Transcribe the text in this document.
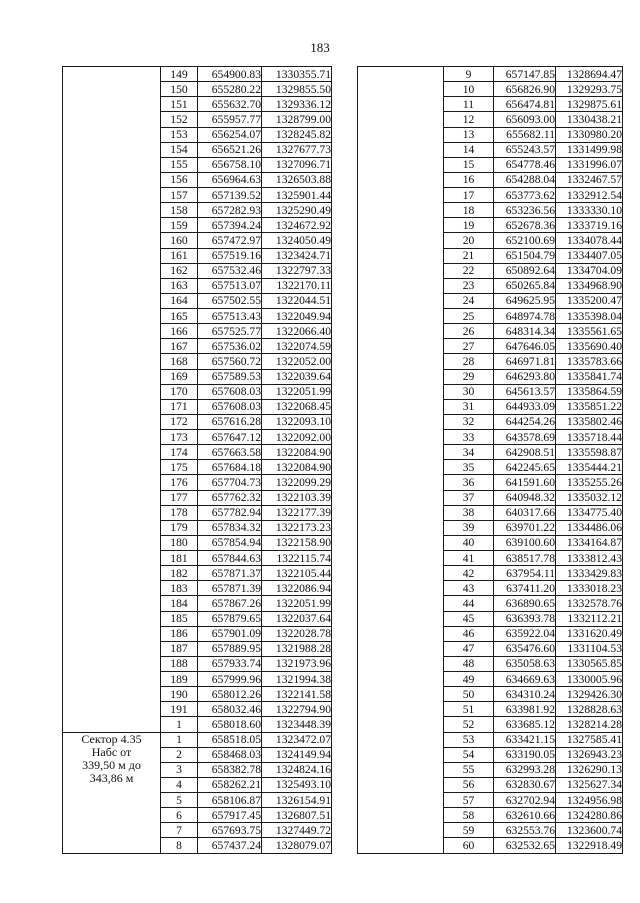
183
	149	654900.83	1330355.71
	150	655280.22	1329855.50
	151	655632.70	1329336.12
	152	655957.77	1328799.00
	153	656254.07	1328245.82
	154	656521.26	1327677.73
	155	656758.10	1327096.71
	156	656964.63	1326503.88
	157	657139.52	1325901.44
	158	657282.93	1325290.49
	159	657394.24	1324672.92
	160	657472.97	1324050.49
	161	657519.16	1323424.71
	162	657532.46	1322797.33
	163	657513.07	1322170.11
	164	657502.55	1322044.51
	165	657513.43	1322049.94
	166	657525.77	1322066.40
	167	657536.02	1322074.59
	168	657560.72	1322052.00
	169	657589.53	1322039.64
	170	657608.03	1322051.99
	171	657608.03	1322068.45
	172	657616.28	1322093.10
	173	657647.12	1322092.00
	174	657663.58	1322084.90
	175	657684.18	1322084.90
	176	657704.73	1322099.29
	177	657762.32	1322103.39
	178	657782.94	1322177.39
	179	657834.32	1322173.23
	180	657854.94	1322158.90
	181	657844.63	1322115.74
	182	657871.37	1322105.44
	183	657871.39	1322086.94
	184	657867.26	1322051.99
	185	657879.65	1322037.64
	186	657901.09	1322028.78
	187	657889.95	1321988.28
	188	657933.74	1321973.96
	189	657999.96	1321994.38
	190	658012.26	1322141.58
	191	658032.46	1322794.90
	1	658018.60	1323448.39

Сектор 4.35
Набс от
339,50 м до
343,86 м	1	658518.05	1323472.07
	2	658468.03	1324149.94
	3	658382.78	1324824.16
	4	658262.21	1325493.10
	5	658106.87	1326154.91
	6	657917.45	1326807.51
	7	657693.75	1327449.72
	8	657437.24	1328079.07
	9	657147.85	1328694.47
	10	656826.90	1329293.75
	11	656474.81	1329875.61
	12	656093.00	1330438.21
	13	655682.11	1330980.20
	14	655243.57	1331499.98
	15	654778.46	1331996.07
	16	654288.04	1332467.57
	17	653773.62	1332912.54
	18	653236.56	1333330.10
	19	652678.36	1333719.16
	20	652100.69	1334078.44
	21	651504.79	1334407.05
	22	650892.64	1334704.09
	23	650265.84	1334968.90
	24	649625.95	1335200.47
	25	648974.78	1335398.04
	26	648314.34	1335561.65
	27	647646.05	1335690.40
	28	646971.81	1335783.66
	29	646293.80	1335841.74
	30	645613.57	1335864.59
	31	644933.09	1335851.22
	32	644254.26	1335802.46
	33	643578.69	1335718.44
	34	642908.51	1335598.87
	35	642245.65	1335444.21
	36	641591.60	1335255.26
	37	640948.32	1335032.12
	38	640317.66	1334775.40
	39	639701.22	1334486.06
	40	639100.60	1334164.87
	41	638517.78	1333812.43
	42	637954.11	1333429.83
	43	637411.20	1333018.23
	44	636890.65	1332578.76
	45	636393.78	1332112.21
	46	635922.04	1331620.49
	47	635476.60	1331104.53
	48	635058.63	1330565.85
	49	634669.63	1330005.96
	50	634310.24	1329426.30
	51	633981.92	1328828.63
	52	633685.12	1328214.28
	53	633421.15	1327585.41
	54	633190.05	1326943.23
	55	632993.28	1326290.13
	56	632830.67	1325627.34
	57	632702.94	1324956.98
	58	632610.66	1324280.86
	59	632553.76	1323600.74
	60	632532.65	1322918.49
